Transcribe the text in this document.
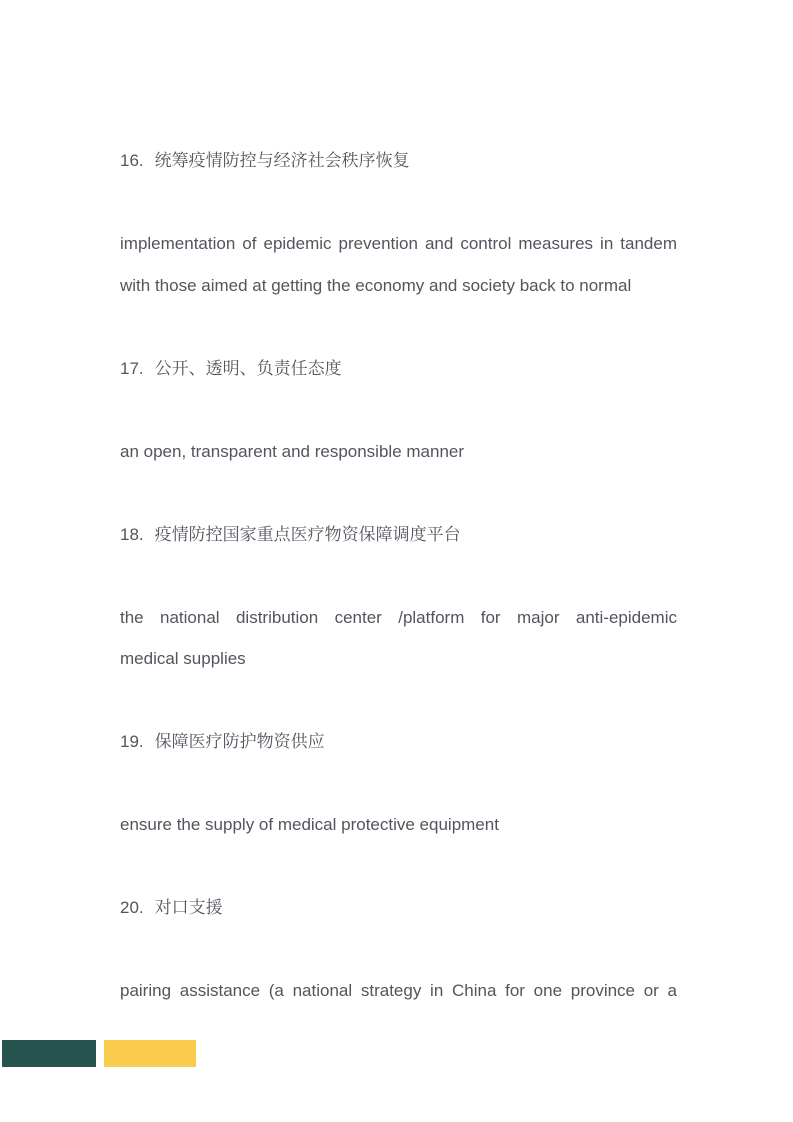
16. 统筹疫情防控与经济社会秩序恢复

implementation of epidemic prevention and control measures in tandem
with those aimed at getting the economy and society back to normal

17. 公开、透明、负责任态度

an open, transparent and responsible manner

18. 疫情防控国家重点医疗物资保障调度平台

the national distribution center /platform for major anti-epidemic
medical supplies

19. 保障医疗防护物资供应

ensure the supply of medical protective equipment

20. 对口支援

pairing assistance (a national strategy in China for one province or a
